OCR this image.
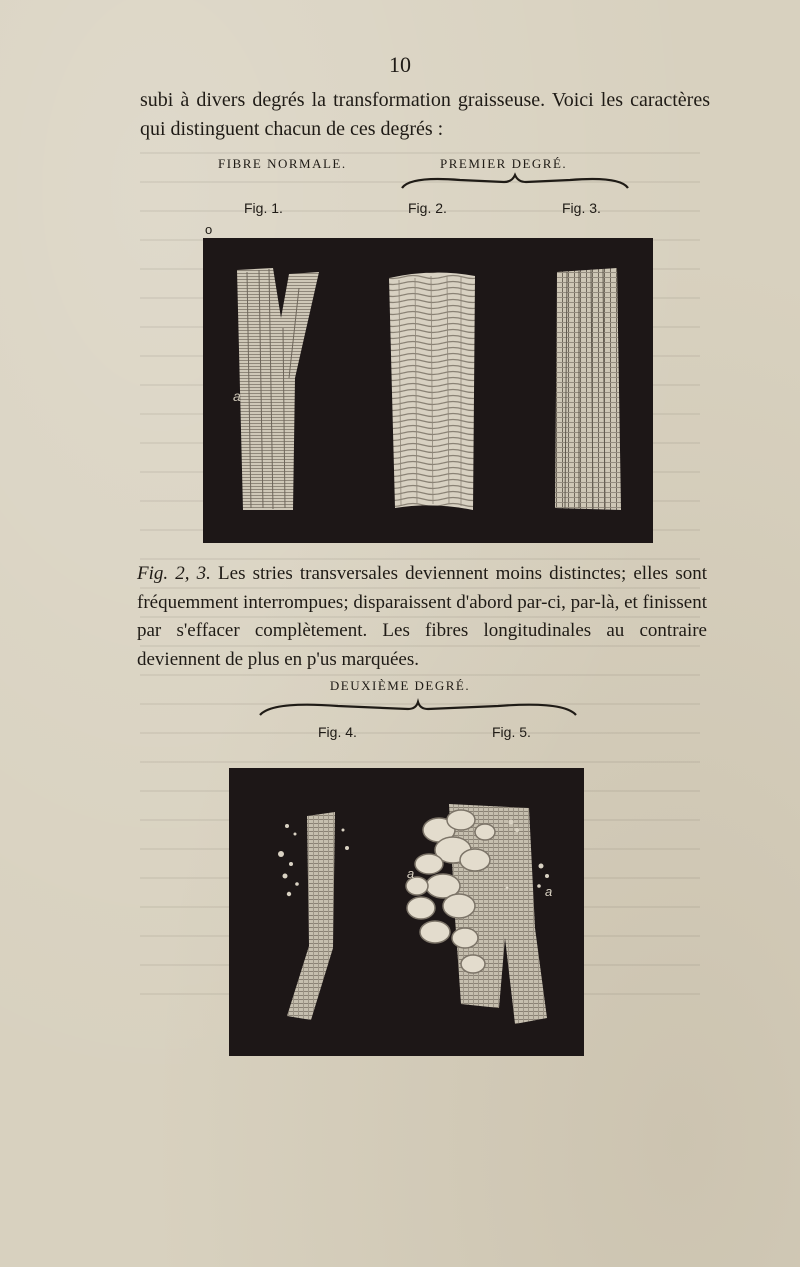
10
subi à divers degrés la transformation graisseuse. Voici les caractères qui distinguent chacun de ces degrés :
FIBRE NORMALE.	PREMIER DEGRÉ.
Fig. 1.	Fig. 2.	Fig. 3.
o
a
Fig. 2, 3. Les stries transversales deviennent moins distinctes; elles sont fréquemment interrompues; disparaissent d'abord par-ci, par-là, et finissent par s'effacer complètement. Les fibres longitudinales au contraire deviennent de plus en p'us marquées.
DEUXIÈME DEGRÉ.
Fig. 4.	Fig. 5.
a
a
